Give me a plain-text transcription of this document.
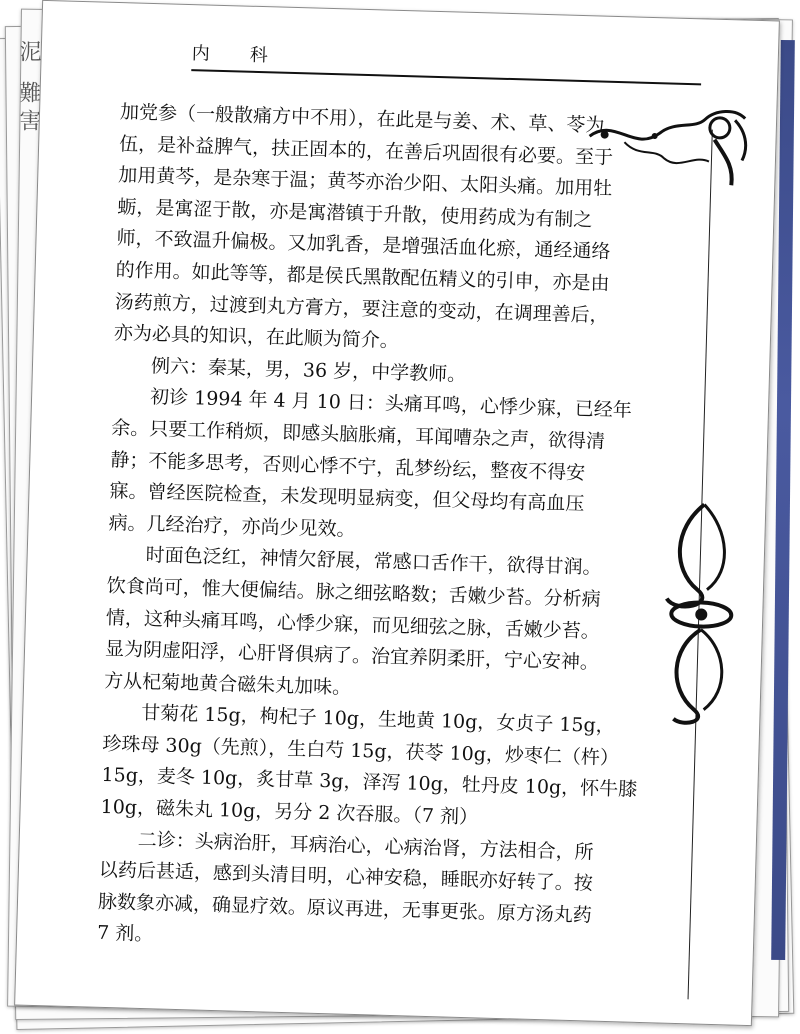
泥 難害	内科

加党参（一般散痛方中不用），在此是与姜、术、草、苓为

伍，是补益脾气，扶正固本的，在善后巩固很有必要。至于

加用黄芩，是杂寒于温；黄芩亦治少阳、太阳头痛。加用牡

蛎，是寓涩于散，亦是寓潜镇于升散，使用药成为有制之

师，不致温升偏极。又加乳香，是增强活血化瘀，通经通络

的作用。如此等等，都是侯氏黑散配伍精义的引申，亦是由

汤药煎方，过渡到丸方膏方，要注意的变动，在调理善后，

亦为必具的知识，在此顺为简介。

例六：秦某，男，36 岁，中学教师。

初诊 1994 年 4 月 10 日：头痛耳鸣，心悸少寐，已经年

余。只要工作稍烦，即感头脑胀痛，耳闻嘈杂之声，欲得清

静；不能多思考，否则心悸不宁，乱梦纷纭，整夜不得安

寐。曾经医院检查，未发现明显病变，但父母均有高血压

病。几经治疗，亦尚少见效。

时面色泛红，神情欠舒展，常感口舌作干，欲得甘润。

饮食尚可，惟大便偏结。脉之细弦略数；舌嫩少苔。分析病

情，这种头痛耳鸣，心悸少寐，而见细弦之脉，舌嫩少苔。

显为阴虚阳浮，心肝肾俱病了。治宜养阴柔肝，宁心安神。

方从杞菊地黄合磁朱丸加味。

甘菊花 15g，枸杞子 10g，生地黄 10g，女贞子 15g，

珍珠母 30g（先煎），生白芍 15g，茯苓 10g，炒枣仁（杵）

15g，麦冬 10g，炙甘草 3g，泽泻 10g，牡丹皮 10g，怀牛膝

10g，磁朱丸 10g，另分 2 次吞服。（7 剂）

二诊：头病治肝，耳病治心，心病治肾，方法相合，所

以药后甚适，感到头清目明，心神安稳，睡眠亦好转了。按

脉数象亦减，确显疗效。原议再进，无事更张。原方汤丸药

7 剂。
